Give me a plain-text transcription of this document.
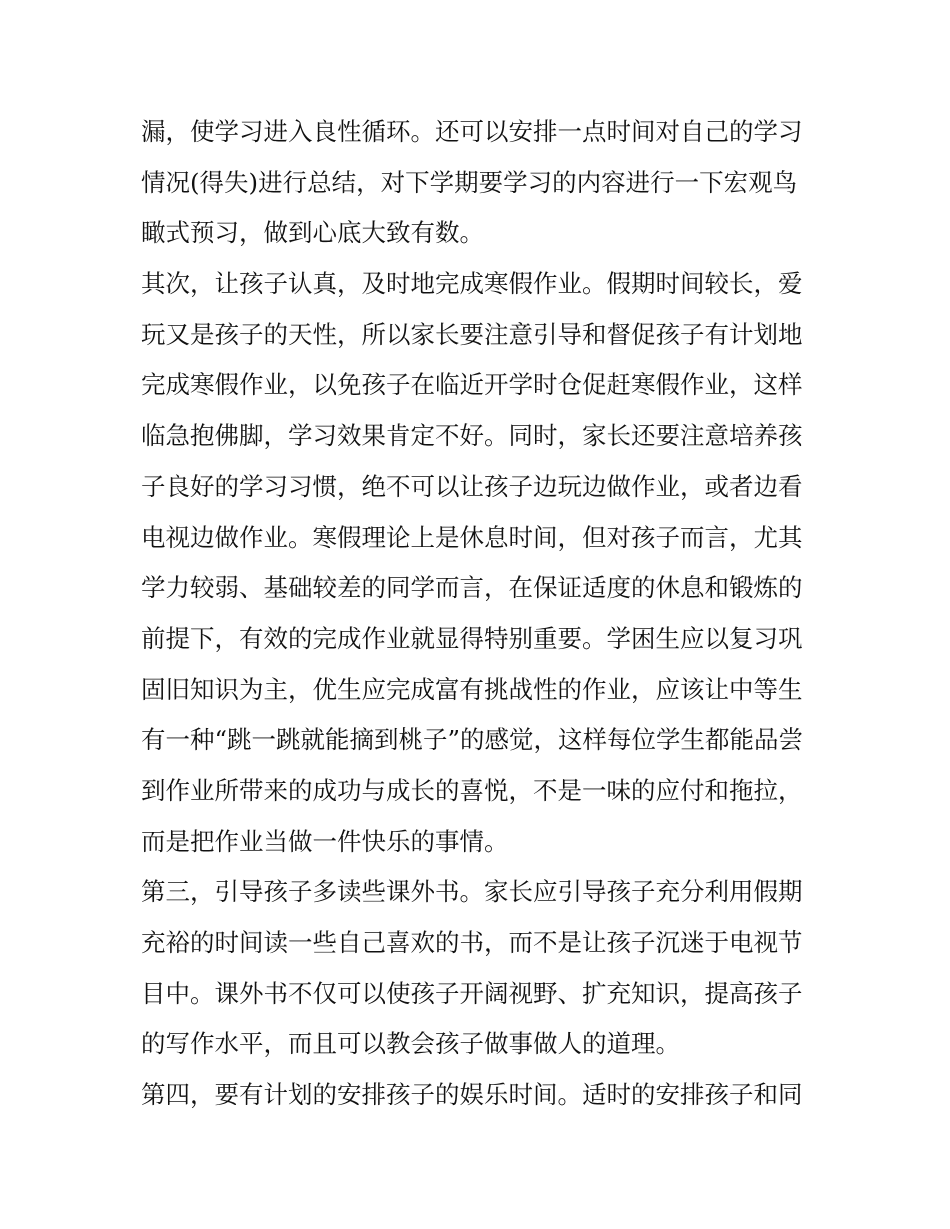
漏，使学习进入良性循环。还可以安排一点时间对自己的学习
情况(得失)进行总结，对下学期要学习的内容进行一下宏观鸟
瞰式预习，做到心底大致有数。
其次，让孩子认真，及时地完成寒假作业。假期时间较长，爱
玩又是孩子的天性，所以家长要注意引导和督促孩子有计划地
完成寒假作业，以免孩子在临近开学时仓促赶寒假作业，这样
临急抱佛脚，学习效果肯定不好。同时，家长还要注意培养孩
子良好的学习习惯，绝不可以让孩子边玩边做作业，或者边看
电视边做作业。寒假理论上是休息时间，但对孩子而言，尤其
学力较弱、基础较差的同学而言，在保证适度的休息和锻炼的
前提下，有效的完成作业就显得特别重要。学困生应以复习巩
固旧知识为主，优生应完成富有挑战性的作业，应该让中等生
有一种“跳一跳就能摘到桃子”的感觉，这样每位学生都能品尝
到作业所带来的成功与成长的喜悦，不是一味的应付和拖拉，
而是把作业当做一件快乐的事情。
第三，引导孩子多读些课外书。家长应引导孩子充分利用假期
充裕的时间读一些自己喜欢的书，而不是让孩子沉迷于电视节
目中。课外书不仅可以使孩子开阔视野、扩充知识，提高孩子
的写作水平，而且可以教会孩子做事做人的道理。
第四，要有计划的安排孩子的娱乐时间。适时的安排孩子和同
